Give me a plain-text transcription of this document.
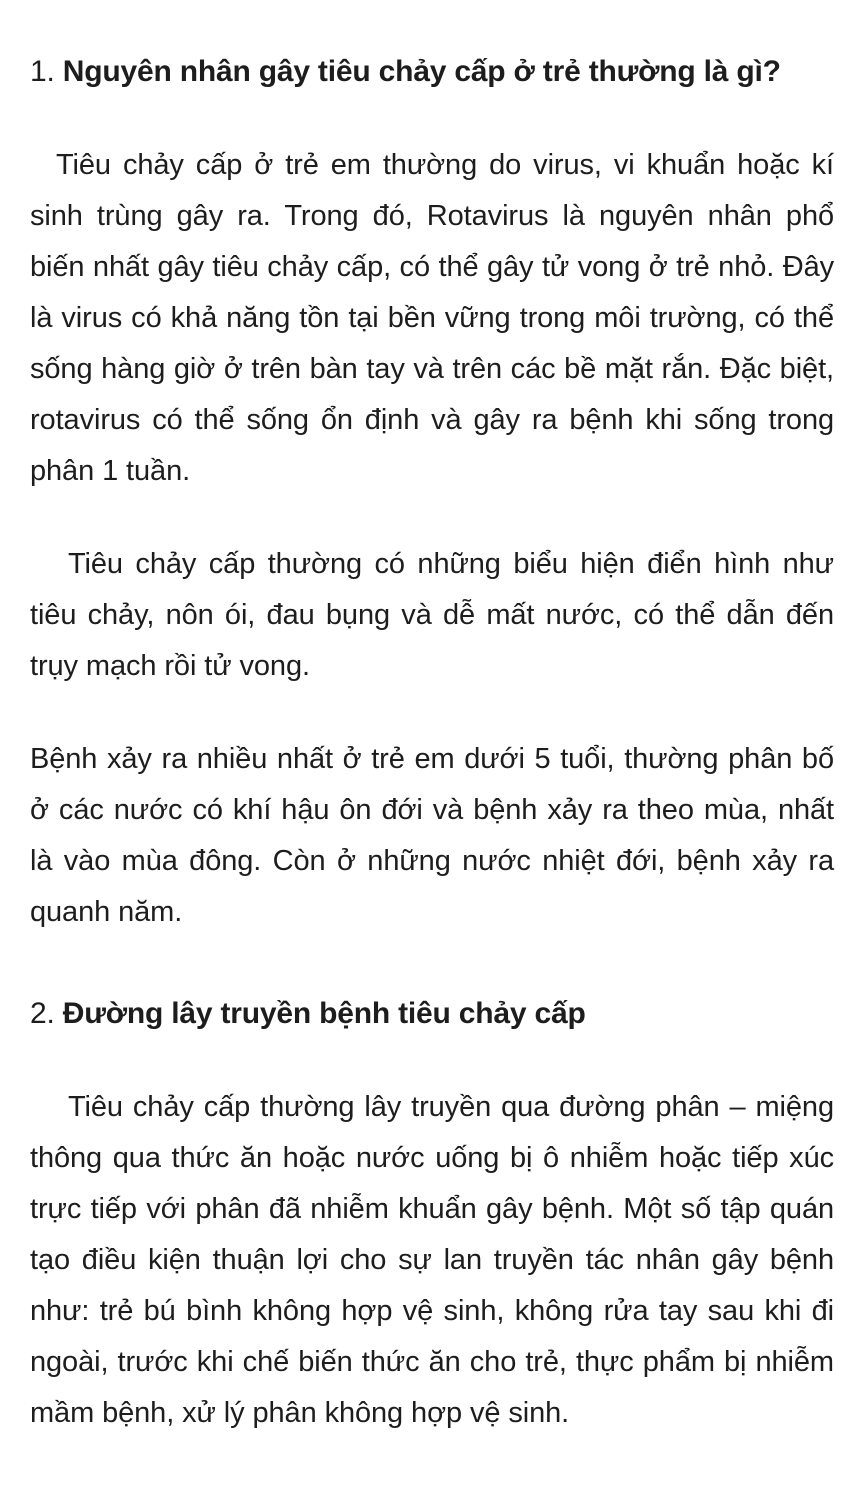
1. Nguyên nhân gây tiêu chảy cấp ở trẻ thường là gì?

Tiêu chảy cấp ở trẻ em thường do virus, vi khuẩn hoặc kí sinh trùng gây ra. Trong đó, Rotavirus là nguyên nhân phổ biến nhất gây tiêu chảy cấp, có thể gây tử vong ở trẻ nhỏ. Đây là virus có khả năng tồn tại bền vững trong môi trường, có thể sống hàng giờ ở trên bàn tay và trên các bề mặt rắn. Đặc biệt, rotavirus có thể sống ổn định và gây ra bệnh khi sống trong phân 1 tuần.

Tiêu chảy cấp thường có những biểu hiện điển hình như tiêu chảy, nôn ói, đau bụng và dễ mất nước, có thể dẫn đến trụy mạch rồi tử vong.

Bệnh xảy ra nhiều nhất ở trẻ em dưới 5 tuổi, thường phân bố ở các nước có khí hậu ôn đới và bệnh xảy ra theo mùa, nhất là vào mùa đông. Còn ở những nước nhiệt đới, bệnh xảy ra quanh năm.

2. Đường lây truyền bệnh tiêu chảy cấp

Tiêu chảy cấp thường lây truyền qua đường phân – miệng thông qua thức ăn hoặc nước uống bị ô nhiễm hoặc tiếp xúc trực tiếp với phân đã nhiễm khuẩn gây bệnh. Một số tập quán tạo điều kiện thuận lợi cho sự lan truyền tác nhân gây bệnh như: trẻ bú bình không hợp vệ sinh, không rửa tay sau khi đi ngoài, trước khi chế biến thức ăn cho trẻ, thực phẩm bị nhiễm mầm bệnh, xử lý phân không hợp vệ sinh.
